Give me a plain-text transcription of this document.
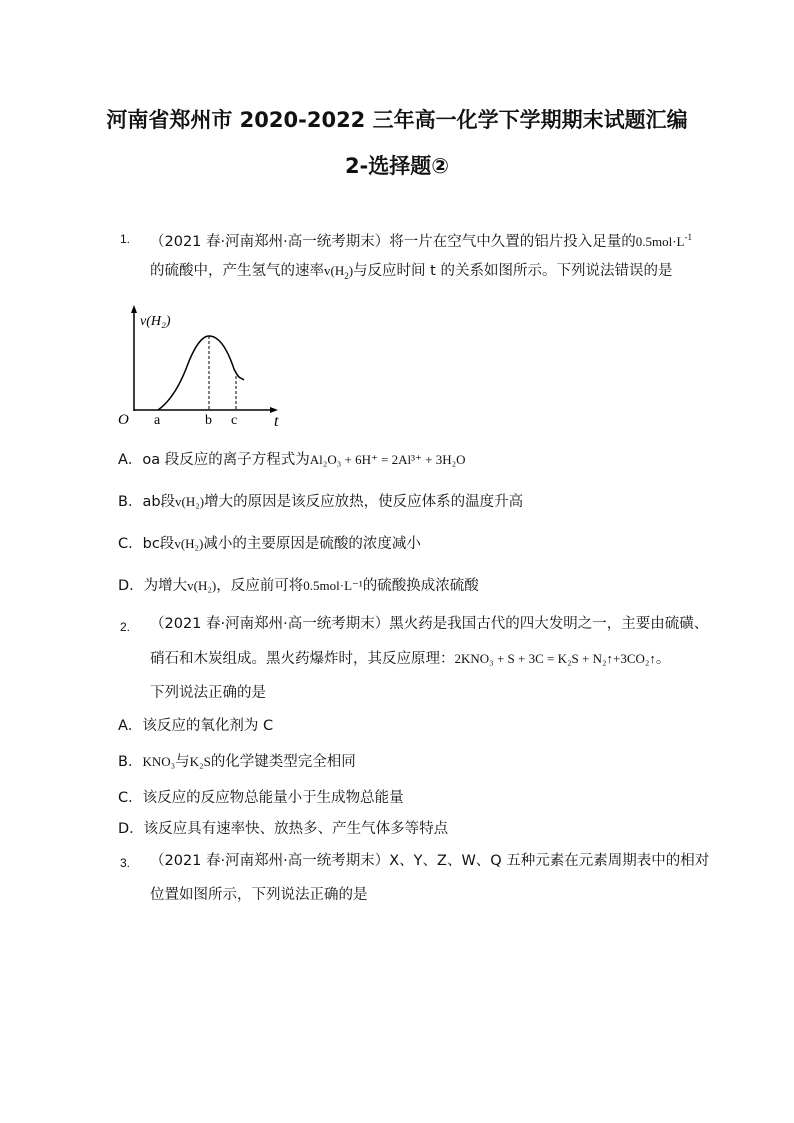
河南省郑州市 2020-2022 三年高一化学下学期期末试题汇编
2-选择题②
1. （2021 春·河南郑州·高一统考期末）将一片在空气中久置的铝片投入足量的$0.5mol\cdot L^{-1}$
的硫酸中，产生氢气的速率$v(H_2)$与反应时间 t 的关系如图所示。下列说法错误的是
v(H₂)
O a	b c t
A．oa 段反应的离子方程式为Al₂O₃ + 6H⁺ = 2Al³⁺ + 3H₂O
B．ab段v(H₂)增大的原因是该反应放热，使反应体系的温度升高
C．bc段v(H₂)减小的主要原因是硫酸的浓度减小
D．为增大v(H₂)，反应前可将0.5mol·L⁻¹的硫酸换成浓硫酸
2. （2021 春·河南郑州·高一统考期末）黑火药是我国古代的四大发明之一，主要由硫磺、
硝石和木炭组成。黑火药爆炸时，其反应原理：2KNO₃ + S + 3C = K₂S + N₂↑+3CO₂↑。
下列说法正确的是
A．该反应的氧化剂为 C
B．KNO₃与K₂S的化学键类型完全相同
C．该反应的反应物总能量小于生成物总能量
D．该反应具有速率快、放热多、产生气体多等特点
3. （2021 春·河南郑州·高一统考期末）X、Y、Z、W、Q 五种元素在元素周期表中的相对
位置如图所示，下列说法正确的是
